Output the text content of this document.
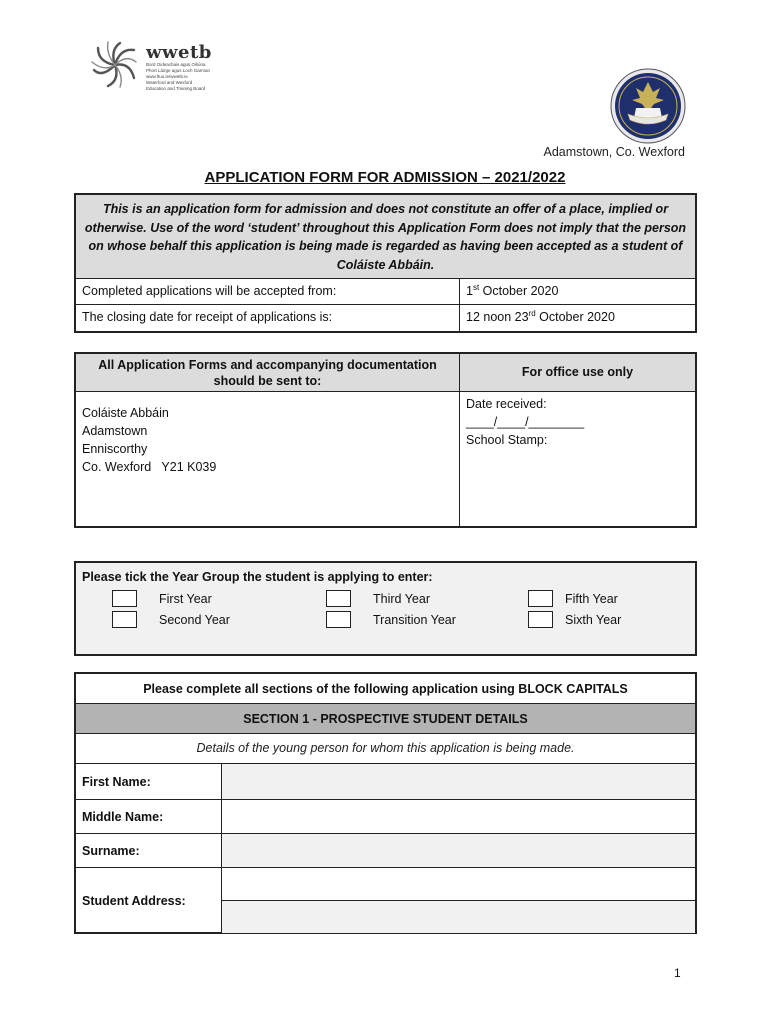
wwetb
Bord Oideachais agus Oiliúna
Phort Láirge agus Loch Garman
www.ftuu.ie/wwetb.ie
Waterford and Wexford
Education and Training Board
Adamstown, Co. Wexford
APPLICATION FORM FOR ADMISSION – 2021/2022
This is an application form for admission and does not constitute an offer of a place, implied or otherwise. Use of the word ‘student’ throughout this Application Form does not imply that the person on whose behalf this application is being made is regarded as having been accepted as a student of Coláiste Abbáin.
Completed applications will be accepted from:	1st October 2020
The closing date for receipt of applications is:	12 noon 23rd October 2020
All Application Forms and accompanying documentation should be sent to:
Coláiste Abbáin
Adamstown
Enniscorthy
Co. Wexford   Y21 K039
For office use only
Date received:
____/____/________
School Stamp:
Please tick the Year Group the student is applying to enter:
First Year
Second Year
Third Year
Transition Year
Fifth Year
Sixth Year
Please complete all sections of the following application using BLOCK CAPITALS
SECTION 1 - PROSPECTIVE STUDENT DETAILS
Details of the young person for whom this application is being made.
First Name:
Middle Name:
Surname:
Student Address:
1
